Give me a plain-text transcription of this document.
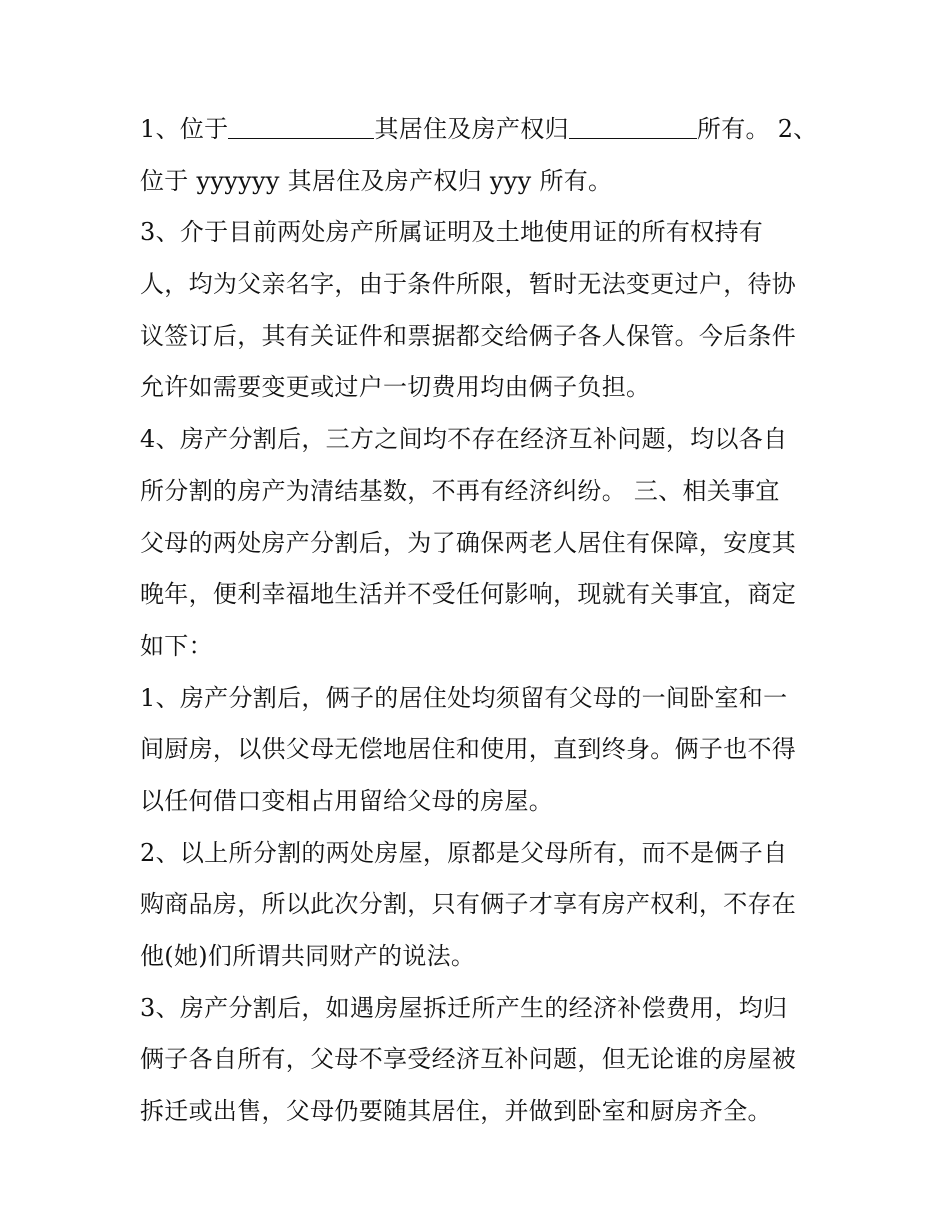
1、位于	其居住及房产权归	所有。 2、
位于 yyyyyy 其居住及房产权归 yyy 所有。
3、介于目前两处房产所属证明及土地使用证的所有权持有
人，均为父亲名字，由于条件所限，暂时无法变更过户，待协
议签订后，其有关证件和票据都交给俩子各人保管。今后条件
允许如需要变更或过户一切费用均由俩子负担。
4、房产分割后，三方之间均不存在经济互补问题，均以各自
所分割的房产为清结基数，不再有经济纠纷。 三、相关事宜
父母的两处房产分割后，为了确保两老人居住有保障，安度其
晚年，便利幸福地生活并不受任何影响，现就有关事宜，商定
如下：
1、房产分割后，俩子的居住处均须留有父母的一间卧室和一
间厨房，以供父母无偿地居住和使用，直到终身。俩子也不得
以任何借口变相占用留给父母的房屋。
2、以上所分割的两处房屋，原都是父母所有，而不是俩子自
购商品房，所以此次分割，只有俩子才享有房产权利，不存在
他(她)们所谓共同财产的说法。
3、房产分割后，如遇房屋拆迁所产生的经济补偿费用，均归
俩子各自所有，父母不享受经济互补问题，但无论谁的房屋被
拆迁或出售，父母仍要随其居住，并做到卧室和厨房齐全。
